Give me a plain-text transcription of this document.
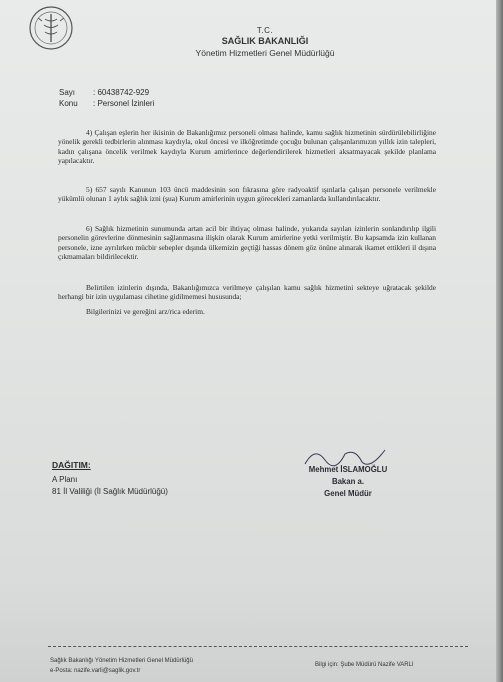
T.C.
SAĞLIK BAKANLIĞI
Yönetim Hizmetleri Genel Müdürlüğü
Sayı : 60438742-929
Konu : Personel İzinleri
4) Çalışan eşlerin her ikisinin de Bakanlığımız personeli olması halinde, kamu sağlık hizmetinin sürdürülebilirliğine yönelik gerekli tedbirlerin alınması kaydıyla, okul öncesi ve ilköğretimde çocuğu bulunan çalışanlarımızın yıllık izin talepleri, kadın çalışana öncelik verilmek kaydıyla Kurum amirlerince değerlendirilerek hizmetleri aksatmayacak şekilde planlama yapılacaktır.
5) 657 sayılı Kanunun 103 üncü maddesinin son fıkrasına göre radyoaktif ışınlarla çalışan personele verilmekle yükümlü olunan 1 aylık sağlık izni (şua) Kurum amirlerinin uygun görecekleri zamanlarda kullandırılacaktır.
6) Sağlık hizmetinin sunumunda artan acil bir ihtiyaç olması halinde, yukarıda sayılan izinlerin sonlandırılıp ilgili personelin görevlerine dönmesinin sağlanmasına ilişkin olarak Kurum amirlerine yetki verilmiştir. Bu kapsamda izin kullanan personele, izne ayrılırken mücbir sebepler dışında ülkemizin geçtiği hassas dönem göz önüne alınarak ikamet ettikleri il dışına çıkmamaları bildirilecektir.
Belirtilen izinlerin dışında, Bakanlığımızca verilmeye çalışılan kamu sağlık hizmetini sekteye uğratacak şekilde herhangi bir izin uygulaması cihetine gidilmemesi hususunda;
Bilgilerinizi ve gereğini arz/rica ederim.
Mehmet İSLAMOĞLU
Bakan a.
Genel Müdür
DAĞITIM:
A Planı
81 İl Valiliği (İl Sağlık Müdürlüğü)
Sağlık Bakanlığı Yönetim Hizmetleri Genel Müdürlüğü
e-Posta: nazife.varli@saglik.gov.tr
Bilgi için: Şube Müdürü Nazife VARLI
